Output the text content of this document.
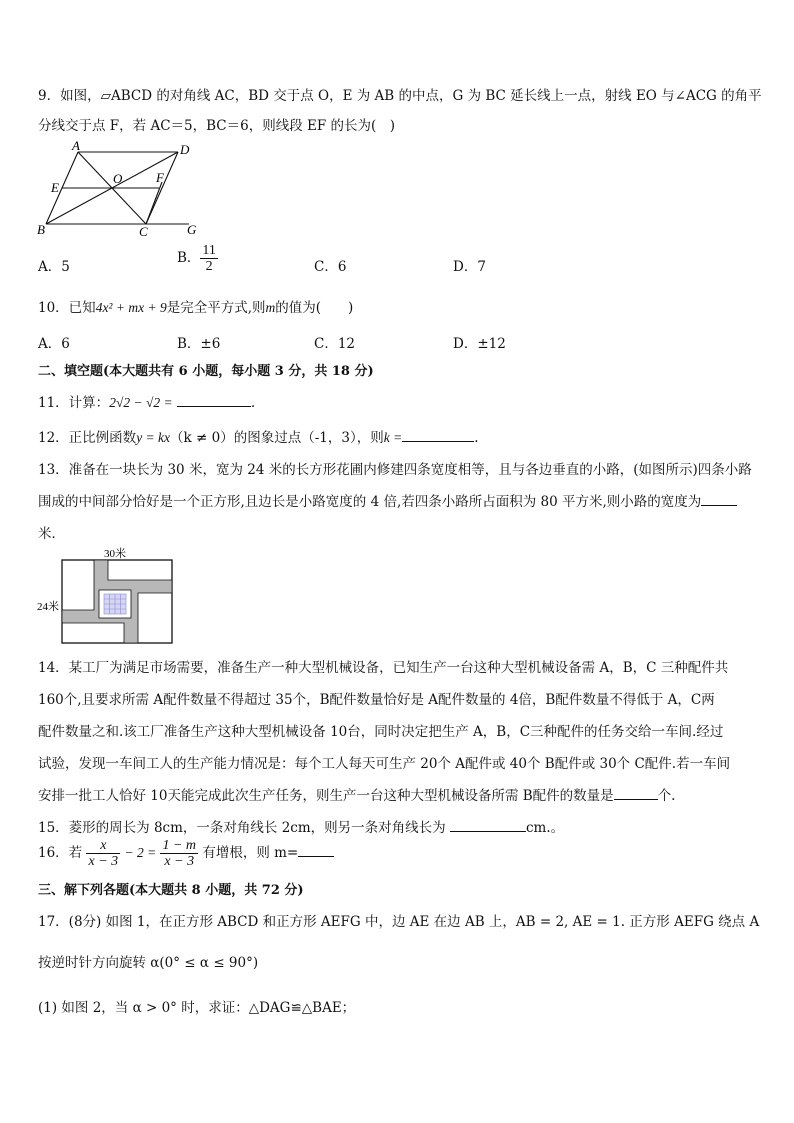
9．如图，▱ABCD 的对角线 AC，BD 交于点 O，E 为 AB 的中点，G 为 BC 延长线上一点，射线 EO 与∠ACG 的角平
分线交于点 F，若 AC＝5，BC＝6，则线段 EF 的长为(　)
A	D
E
O	F
B	C	G
A．5
B． $\frac{11}{2}$	C．6	D．7
10．已知4x² + mx + 9是完全平方式,则m的值为(　　)
A．6	B．±6	C．12	D．±12
二、填空题(本大题共有 6 小题，每小题 3 分，共 18 分)
11．计算：2√2 − √2 =	.
12．正比例函数y = kx（k ≠ 0）的图象过点（-1，3），则k =	.
13．准备在一块长为 30 米，宽为 24 米的长方形花圃内修建四条宽度相等，且与各边垂直的小路，(如图所示)四条小路
围成的中间部分恰好是一个正方形,且边长是小路宽度的 4 倍,若四条小路所占面积为 80 平方米,则小路的宽度为
米．
30米
24米
14．某工厂为满足市场需要，准备生产一种大型机械设备，已知生产一台这种大型机械设备需 A，B，C 三种配件共
160个,且要求所需 A配件数量不得超过 35个，B配件数量恰好是 A配件数量的 4倍，B配件数量不得低于 A，C两
配件数量之和.该工厂准备生产这种大型机械设备 10台，同时决定把生产 A，B，C三种配件的任务交给一车间.经过
试验，发现一车间工人的生产能力情况是：每个工人每天可生产 20个 A配件或 40个 B配件或 30个 C配件.若一车间
安排一批工人恰好 10天能完成此次生产任务，则生产一台这种大型机械设备所需 B配件的数量是	个.
15．菱形的周长为 8cm，一条对角线长 2cm，则另一条对角线长为	cm.。
16．若 $\frac{x}{x - 3} - 2 = \frac{1 - m}{x - 3}$ 有增根，则 m=
三、解下列各题(本大题共 8 小题，共 72 分)
17．(8分) 如图 1，在正方形 ABCD 和正方形 AEFG 中，边 AE 在边 AB 上，AB = 2, AE = 1. 正方形 AEFG 绕点 A
按逆时针方向旋转 α(0° ≤ α ≤ 90°)
(1) 如图 2，当 α > 0° 时，求证：△DAG≌△BAE；
